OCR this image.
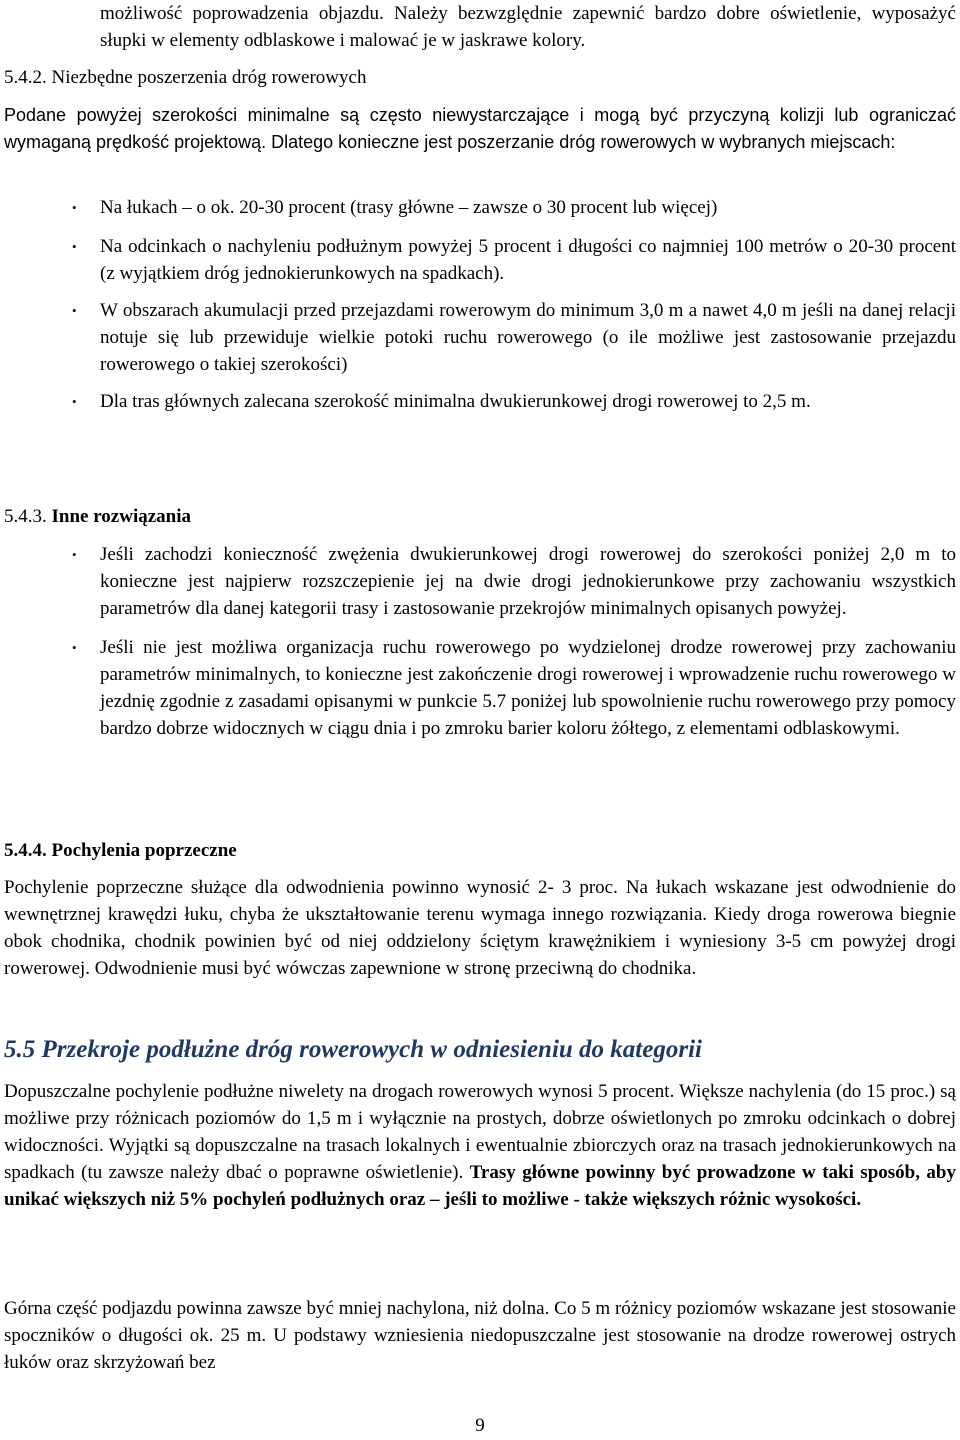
możliwość poprowadzenia objazdu. Należy bezwzględnie zapewnić bardzo dobre oświetlenie, wyposażyć słupki w elementy odblaskowe i malować je w jaskrawe kolory.

5.4.2. Niezbędne poszerzenia dróg rowerowych

Podane powyżej szerokości minimalne są często niewystarczające i mogą być przyczyną kolizji lub ograniczać wymaganą prędkość projektową. Dlatego konieczne jest poszerzanie dróg rowerowych w wybranych miejscach:

• Na łukach – o ok. 20-30 procent (trasy główne – zawsze o 30 procent lub więcej)
• Na odcinkach o nachyleniu podłużnym powyżej 5 procent i długości co najmniej 100 metrów o 20-30 procent (z wyjątkiem dróg jednokierunkowych na spadkach).
• W obszarach akumulacji przed przejazdami rowerowym do minimum 3,0 m a nawet 4,0 m jeśli na danej relacji notuje się lub przewiduje wielkie potoki ruchu rowerowego (o ile możliwe jest zastosowanie przejazdu rowerowego o takiej szerokości)
• Dla tras głównych zalecana szerokość minimalna dwukierunkowej drogi rowerowej to 2,5 m.

5.4.3. Inne rozwiązania

• Jeśli zachodzi konieczność zwężenia dwukierunkowej drogi rowerowej do szerokości poniżej 2,0 m to konieczne jest najpierw rozszczepienie jej na dwie drogi jednokierunkowe przy zachowaniu wszystkich parametrów dla danej kategorii trasy i zastosowanie przekrojów minimalnych opisanych powyżej.
• Jeśli nie jest możliwa organizacja ruchu rowerowego po wydzielonej drodze rowerowej przy zachowaniu parametrów minimalnych, to konieczne jest zakończenie drogi rowerowej i wprowadzenie ruchu rowerowego w jezdnię zgodnie z zasadami opisanymi w punkcie 5.7 poniżej lub spowolnienie ruchu rowerowego przy pomocy bardzo dobrze widocznych w ciągu dnia i po zmroku barier koloru żółtego, z elementami odblaskowymi.

5.4.4. Pochylenia poprzeczne

Pochylenie poprzeczne służące dla odwodnienia powinno wynosić 2- 3 proc. Na łukach wskazane jest odwodnienie do wewnętrznej krawędzi łuku, chyba że ukształtowanie terenu wymaga innego rozwiązania. Kiedy droga rowerowa biegnie obok chodnika, chodnik powinien być od niej oddzielony ściętym krawężnikiem i wyniesiony 3-5 cm powyżej drogi rowerowej. Odwodnienie musi być wówczas zapewnione w stronę przeciwną do chodnika.

5.5 Przekroje podłużne dróg rowerowych w odniesieniu do kategorii

Dopuszczalne pochylenie podłużne niwelety na drogach rowerowych wynosi 5 procent. Większe nachylenia (do 15 proc.) są możliwe przy różnicach poziomów do 1,5 m i wyłącznie na prostych, dobrze oświetlonych po zmroku odcinkach o dobrej widoczności. Wyjątki są dopuszczalne na trasach lokalnych i ewentualnie zbiorczych oraz na trasach jednokierunkowych na spadkach (tu zawsze należy dbać o poprawne oświetlenie). Trasy główne powinny być prowadzone w taki sposób, aby unikać większych niż 5% pochyleń podłużnych oraz – jeśli to możliwe - także większych różnic wysokości.

Górna część podjazdu powinna zawsze być mniej nachylona, niż dolna. Co 5 m różnicy poziomów wskazane jest stosowanie spoczników o długości ok. 25 m. U podstawy wzniesienia niedopuszczalne jest stosowanie na drodze rowerowej ostrych łuków oraz skrzyżowań bez

9
